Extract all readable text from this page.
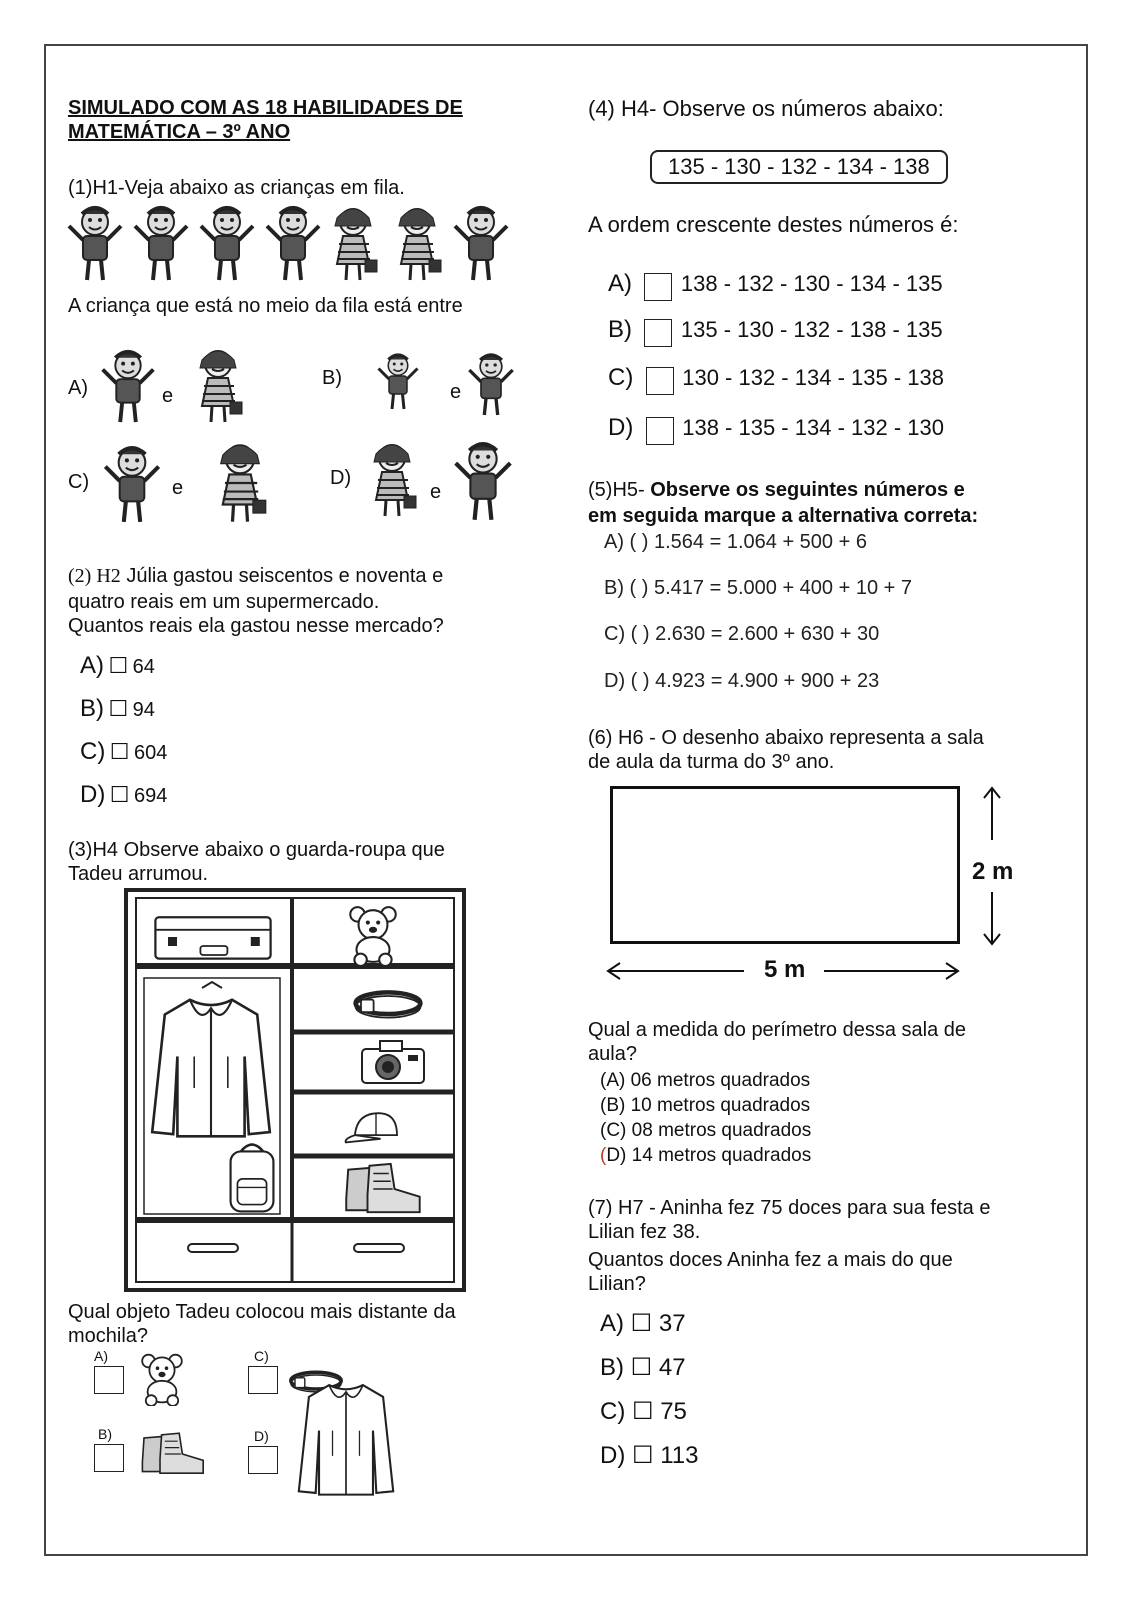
SIMULADO COM AS 18 HABILIDADES DE
MATEMÁTICA – 3º ANO
(1)H1-Veja abaixo as crianças em fila.
A criança que está no meio da fila está entre
A)	e
B)
e
C)	e	D)
e
(2) H2 Júlia gastou seiscentos e noventa e
quatro reais em um supermercado.
Quantos reais ela gastou nesse mercado?
A) ☐ 64
B) ☐ 94
C) ☐ 604
D) ☐ 694
(3)H4 Observe abaixo o guarda-roupa que
Tadeu arrumou.
Qual objeto Tadeu colocou mais distante da
mochila?
A)	C)
B)	D)
(4) H4- Observe os números abaixo:
135 - 130 - 132 - 134 - 138
A ordem crescente destes números é:
A) 138 - 132 - 130 - 134 - 135
B) 135 - 130 - 132 - 138 - 135
C) 130 - 132 - 134 - 135 - 138
D) 138 - 135 - 134 - 132 - 130
(5)H5- Observe os seguintes números e
em seguida marque a alternativa correta:
A) ( ) 1.564 = 1.064 + 500 + 6
B) ( ) 5.417 = 5.000 + 400 + 10 + 7
C) ( ) 2.630 = 2.600 + 630 + 30
D) ( ) 4.923 = 4.900 + 900 + 23
(6) H6 - O desenho abaixo representa a sala
de aula da turma do 3º ano.
2 m
5 m
Qual a medida do perímetro dessa sala de
aula?
(A) 06 metros quadrados
(B) 10 metros quadrados
(C) 08 metros quadrados
(D) 14 metros quadrados
(7) H7 - Aninha fez 75 doces para sua festa e
Lilian fez 38.
Quantos doces Aninha fez a mais do que
Lilian?
A) ☐ 37
B) ☐ 47
C) ☐ 75
D) ☐ 113
